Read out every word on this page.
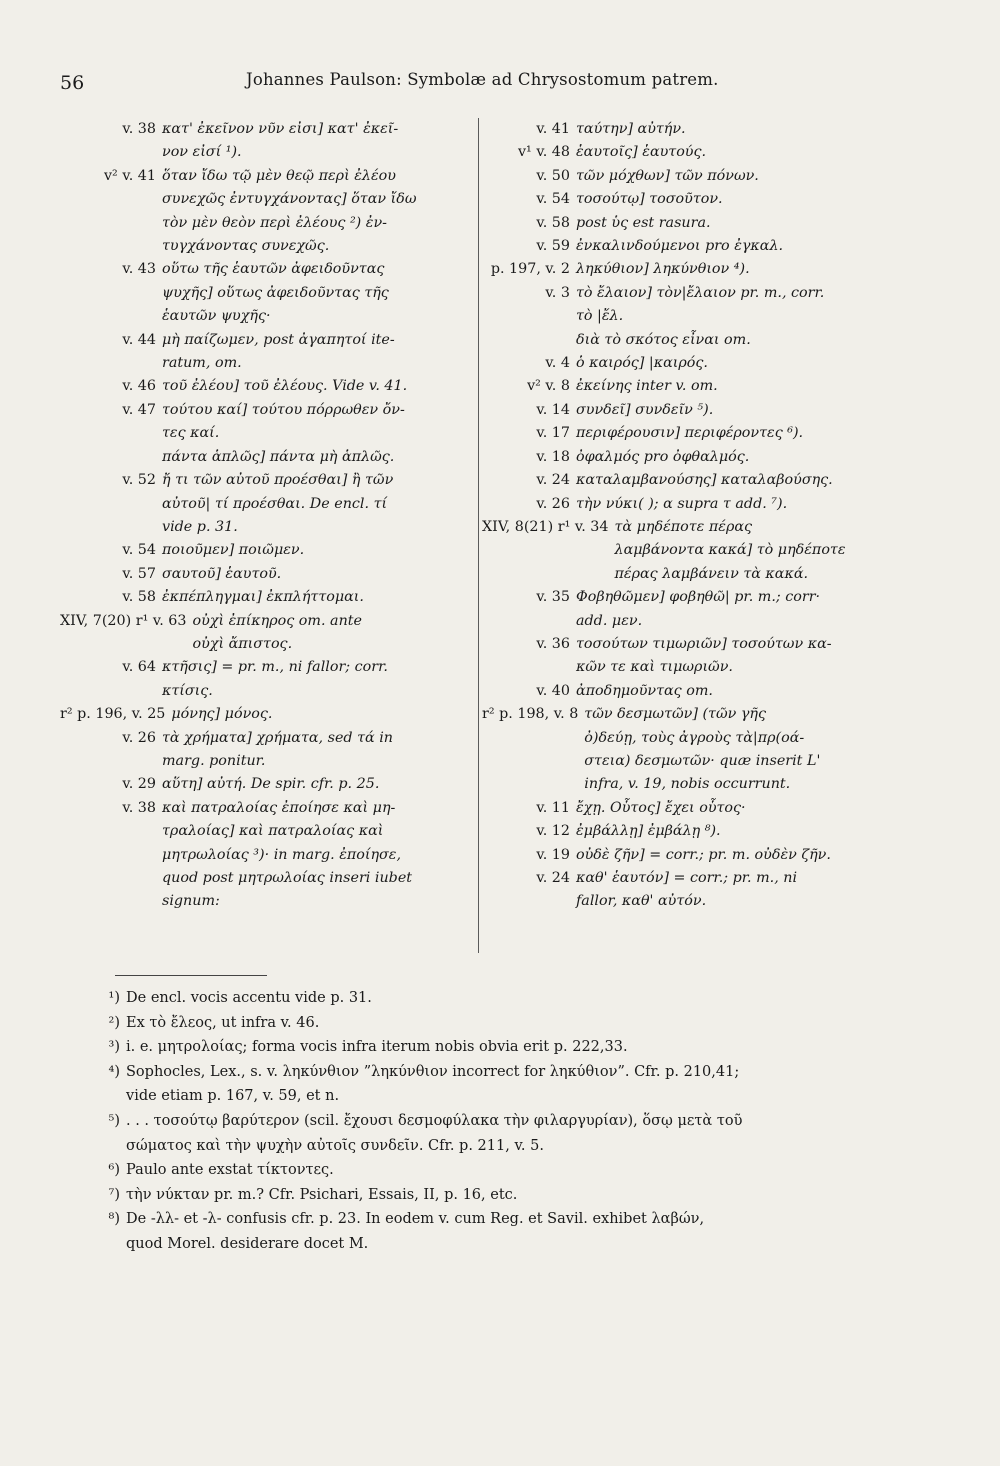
56	Johannes Paulson: Symbolæ ad Chrysostomum patrem.
v. 38 κατ' ἐκεῖνον νῦν εἰσι] κατ' ἐκεῖ-
νον εἰσί ¹).
v² v. 41 ὅταν ἴδω τῷ μὲν θεῷ περὶ ἐλέου
συνεχῶς ἐντυγχάνοντας] ὅταν ἴδω
τὸν μὲν θεὸν περὶ ἐλέους ²) ἐν-
τυγχάνοντας συνεχῶς.
v. 43 οὕτω τῆς ἑαυτῶν ἀφειδοῦντας
ψυχῆς] οὕτως ἀφειδοῦντας τῆς
ἑαυτῶν ψυχῆς·
v. 44 μὴ παίζωμεν, post ἀγαπητοί ite-
ratum, om.
v. 46 τοῦ ἐλέου] τοῦ ἐλέους. Vide v. 41.
v. 47 τούτου καί] τούτου πόρρωθεν ὄν-
τες καί.
πάντα ἁπλῶς] πάντα μὴ ἁπλῶς.
v. 52 ἤ τι τῶν αὐτοῦ προέσθαι] ἢ τῶν
αὐτοῦ| τί προέσθαι. De encl. τί
vide p. 31.
v. 54 ποιοῦμεν] ποιῶμεν.
v. 57 σαυτοῦ] ἑαυτοῦ.
v. 58 ἐκπέπληγμαι] ἐκπλήττομαι.
XIV, 7(20) r¹ v. 63 οὐχὶ ἐπίκηρος om. ante
οὐχὶ ἄπιστος.
v. 64 κτῆσις] = pr. m., ni fallor; corr.
κτίσις.
r² p. 196, v. 25 μόνης] μόνος.
v. 26 τὰ χρήματα] χρήματα, sed τά in
marg. ponitur.
v. 29 αὕτη] αὐτή. De spir. cfr. p. 25.
v. 38 καὶ πατραλοίας ἐποίησε καὶ μη-
τραλοίας] καὶ πατραλοίας καὶ
μητρωλοίας ³)· in marg. ἐποίησε,
quod post μητρωλοίας inseri iubet
signum:
v. 41 ταύτην] αὐτήν.
v¹ v. 48 ἑαυτοῖς] ἑαυτούς.
v. 50 τῶν μόχθων] τῶν πόνων.
v. 54 τοσούτῳ] τοσοῦτον.
v. 58 post ὑς est rasura.
v. 59 ἐνκαλινδούμενοι pro ἐγκαλ.
p. 197, v. 2 ληκύθιον] ληκύνθιον ⁴).
v. 3 τὸ ἔλαιον] τὸν|ἔλαιον pr. m., corr.
τὸ |ἔλ.
διὰ τὸ σκότος εἶναι om.
v. 4 ὁ καιρός] |καιρός.
v² v. 8 ἐκείνης inter v. om.
v. 14 συνδεῖ] συνδεῖν ⁵).
v. 17 περιφέρουσιν] περιφέροντες ⁶).
v. 18 ὀφαλμός pro ὀφθαλμός.
v. 24 καταλαμβανούσης] καταλαβούσης.
v. 26 τὴν νύκι( ); α supra τ add. ⁷).
XIV, 8(21) r¹ v. 34 τὰ μηδέποτε πέρας
λαμβάνοντα κακά] τὸ μηδέποτε
πέρας λαμβάνειν τὰ κακά.
v. 35 Φοβηθῶμεν] φοβηθῶ| pr. m.; corr·
add. μεν.
v. 36 τοσούτων τιμωριῶν] τοσούτων κα-
κῶν τε καὶ τιμωριῶν.
v. 40 ἀποδημοῦντας om.
r² p. 198, v. 8 τῶν δεσμωτῶν] (τῶν γῆς
ὀ)δεύῃ, τοὺς ἀγροὺς τὰ|πρ(οά-
στεια) δεσμωτῶν· quæ inserit L'
infra, v. 19, nobis occurrunt.
v. 11 ἔχῃ. Οὗτος] ἔχει οὗτος·
v. 12 ἐμβάλλῃ] ἐμβάλῃ ⁸).
v. 19 οὐδὲ ζῆν] = corr.; pr. m. οὐδὲν ζῆν.
v. 24 καθ' ἑαυτόν] = corr.; pr. m., ni
fallor, καθ' αὐτόν.
¹) De encl. vocis accentu vide p. 31.
²) Ex τὸ ἔλεος, ut infra v. 46.
³) i. e. μητρολοίας; forma vocis infra iterum nobis obvia erit p. 222,33.
⁴) Sophocles, Lex., s. v. ληκύνθιον ”ληκύνθιον incorrect for ληκύθιον”. Cfr. p. 210,41;
vide etiam p. 167, v. 59, et n.
⁵) . . . τοσούτῳ βαρύτερον (scil. ἔχουσι δεσμοφύλακα τὴν φιλαργυρίαν), ὅσῳ μετὰ τοῦ
σώματος καὶ τὴν ψυχὴν αὐτοῖς συνδεῖν. Cfr. p. 211, v. 5.
⁶) Paulo ante exstat τίκτοντες.
⁷) τὴν νύκταν pr. m.? Cfr. Psichari, Essais, II, p. 16, etc.
⁸) De -λλ- et -λ- confusis cfr. p. 23. In eodem v. cum Reg. et Savil. exhibet λαβών,
quod Morel. desiderare docet M.
